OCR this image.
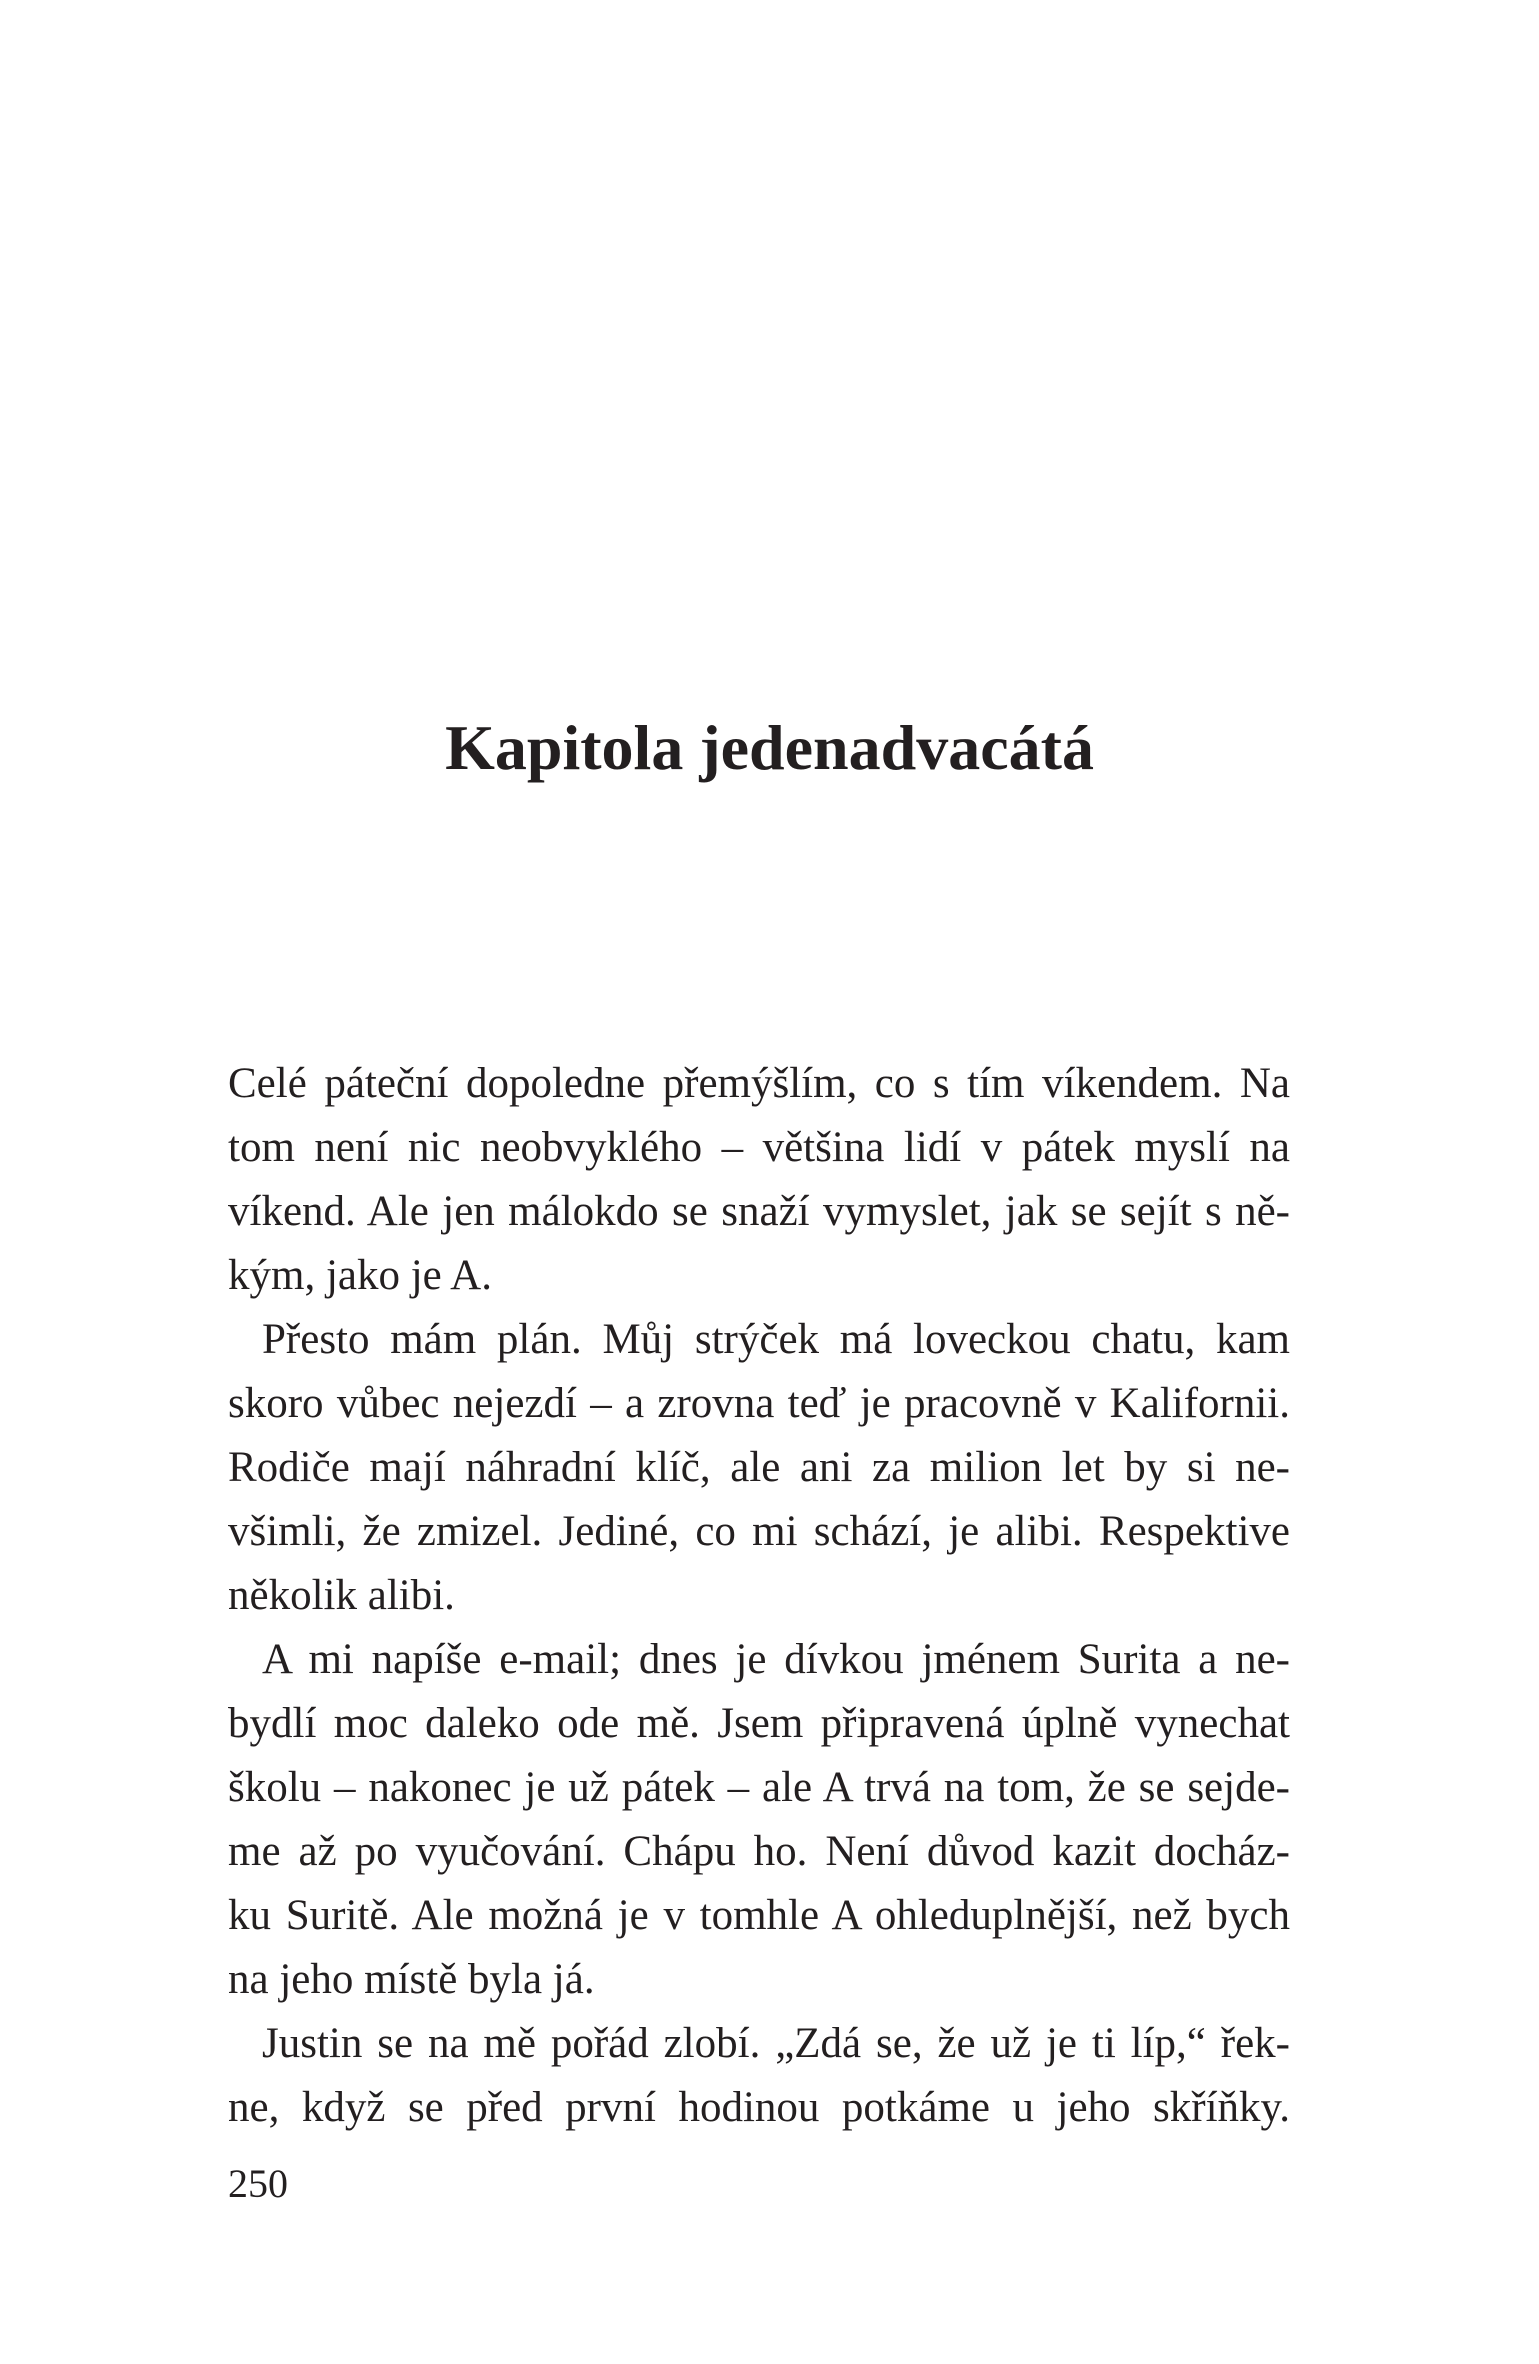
Kapitola jedenadvacátá
Celé páteční dopoledne přemýšlím, co s tím víkendem. Na
tom není nic neobvyklého – většina lidí v pátek myslí na
víkend. Ale jen málokdo se snaží vymyslet, jak se sejít s ně-
kým, jako je A.
Přesto mám plán. Můj strýček má loveckou chatu, kam
skoro vůbec nejezdí – a zrovna teď je pracovně v Kalifornii.
Rodiče mají náhradní klíč, ale ani za milion let by si ne-
všimli, že zmizel. Jediné, co mi schází, je alibi. Respektive
několik alibi.
A mi napíše e-mail; dnes je dívkou jménem Surita a ne-
bydlí moc daleko ode mě. Jsem připravená úplně vynechat
školu – nakonec je už pátek – ale A trvá na tom, že se sejde-
me až po vyučování. Chápu ho. Není důvod kazit docház-
ku Suritě. Ale možná je v tomhle A ohleduplnější, než bych
na jeho místě byla já.
Justin se na mě pořád zlobí. „Zdá se, že už je ti líp,“ řek-
ne, když se před první hodinou potkáme u jeho skříňky.
250
